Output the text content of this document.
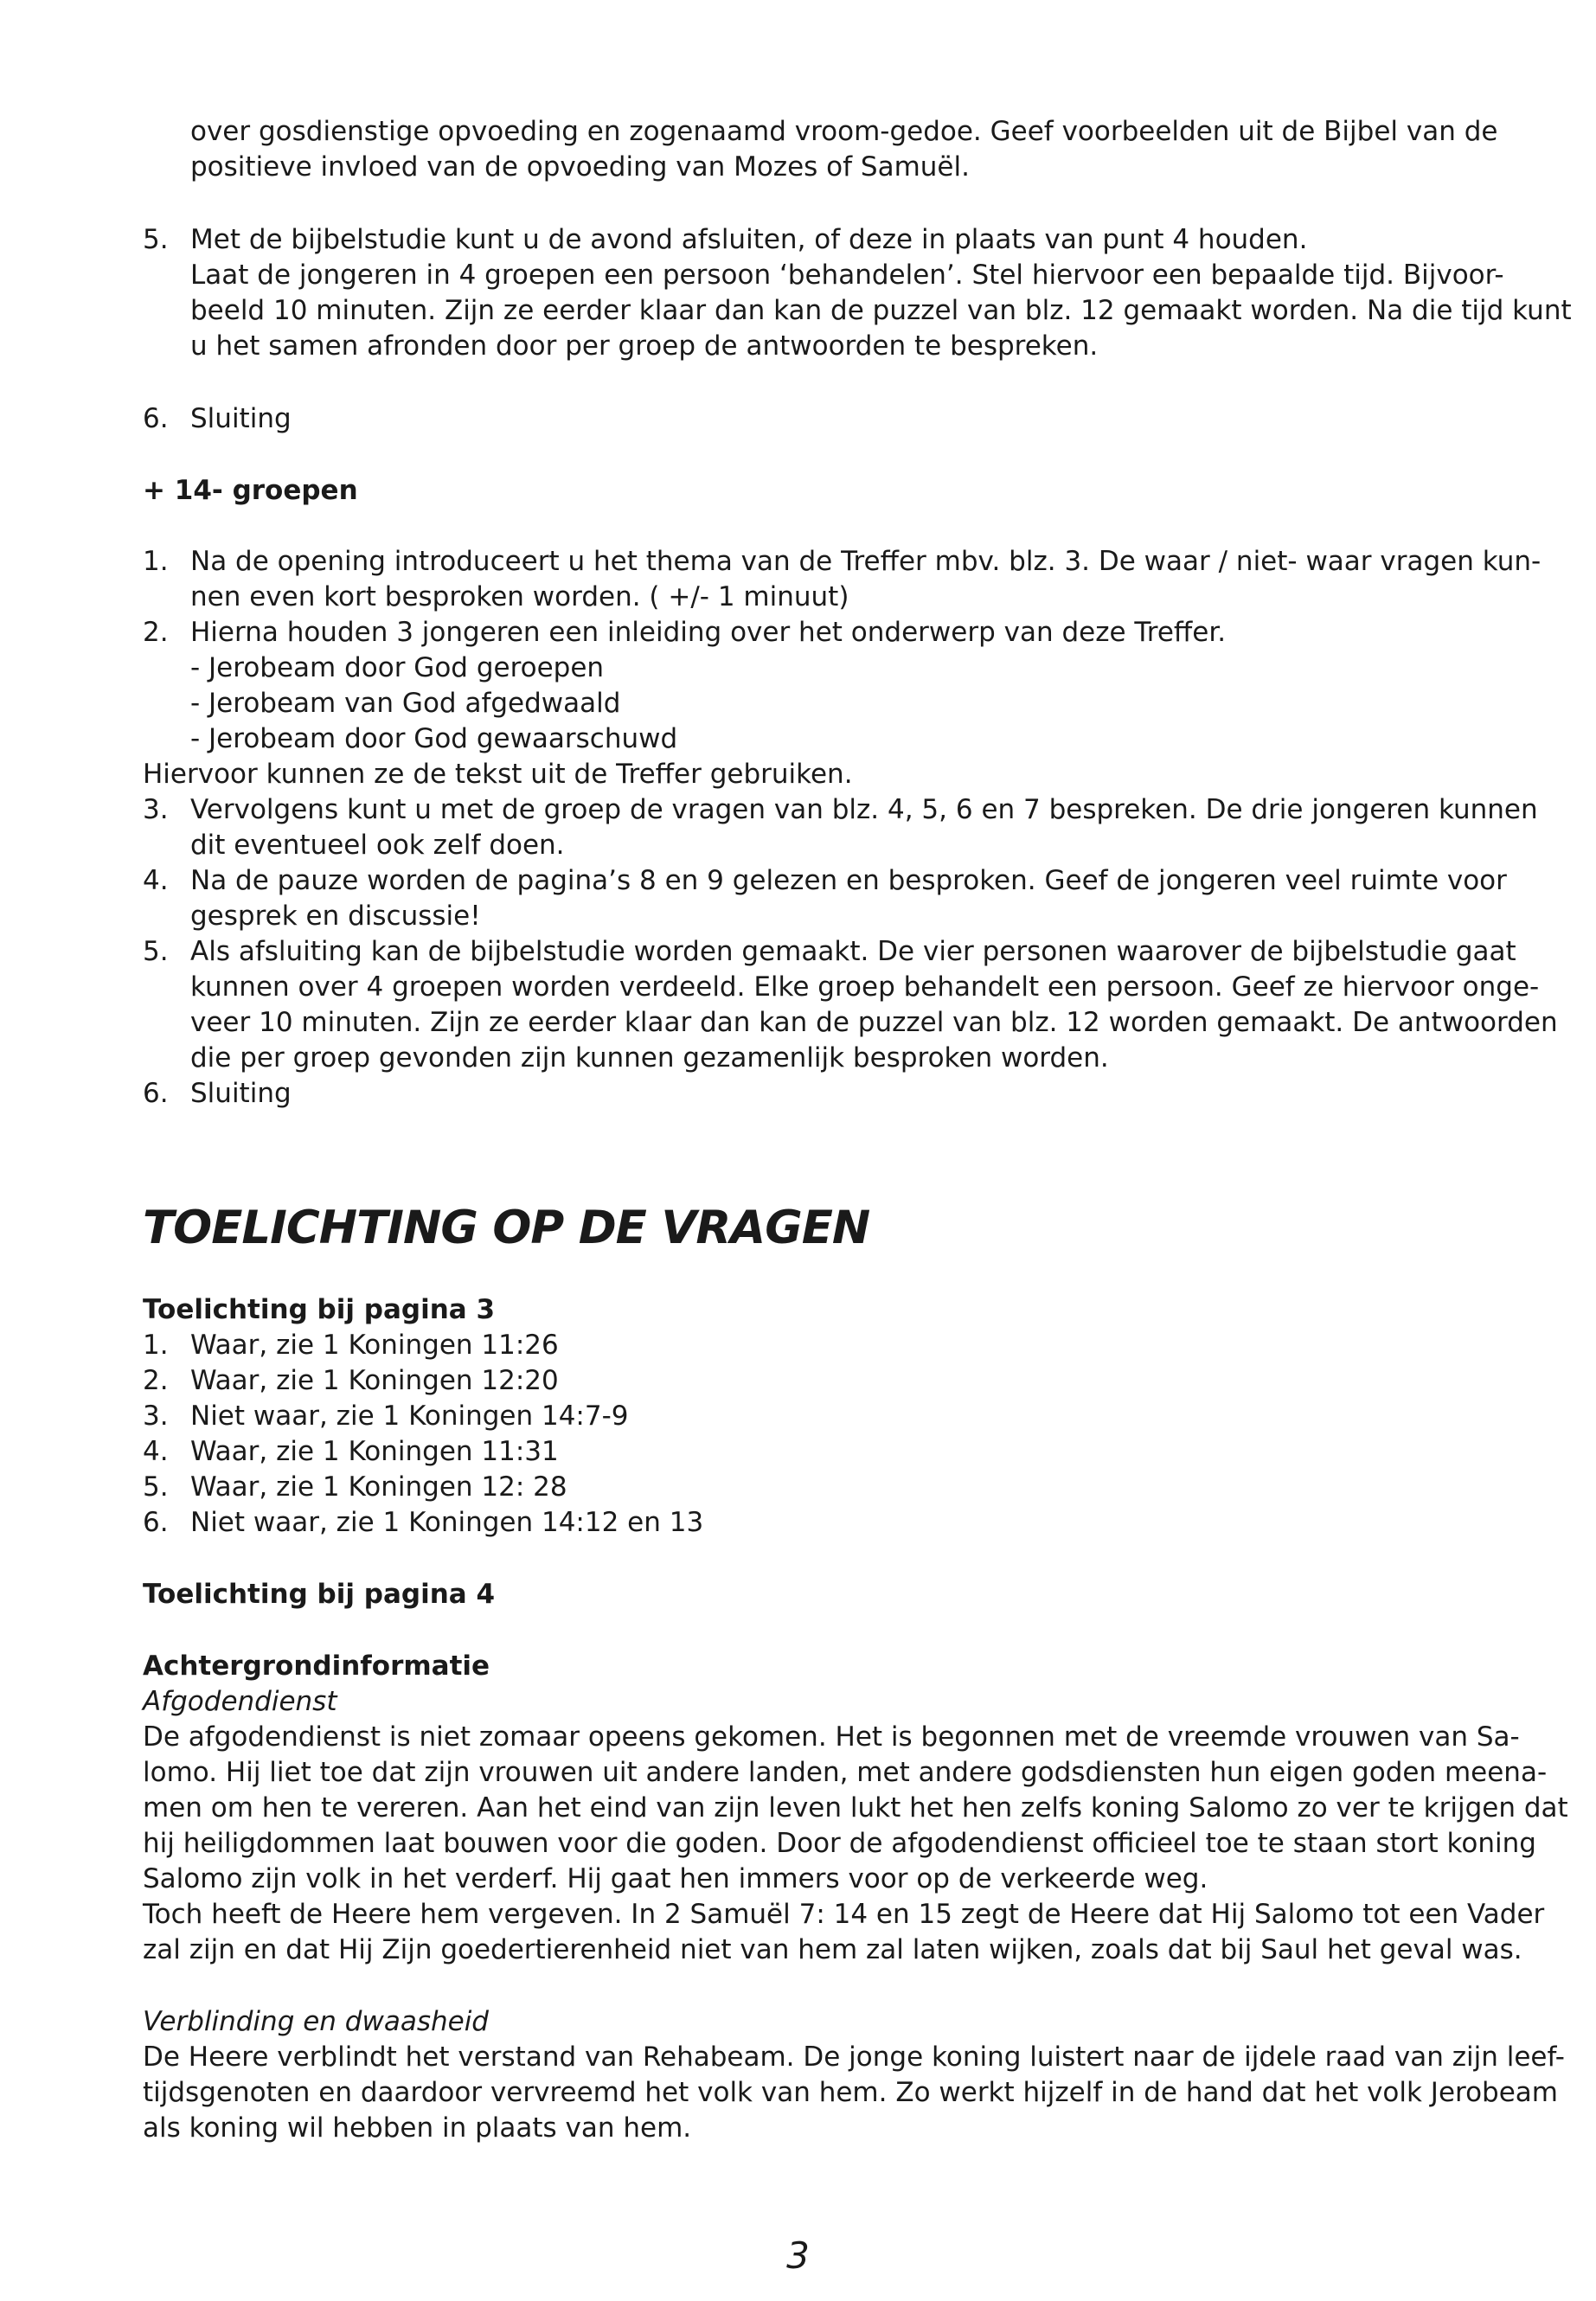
over gosdienstige opvoeding en zogenaamd vroom-gedoe. Geef voorbeelden uit de Bijbel van de
positieve invloed van de opvoeding van Mozes of Samuël.
5. Met de bijbelstudie kunt u de avond afsluiten, of deze in plaats van punt 4 houden.
Laat de jongeren in 4 groepen een persoon ‘behandelen’. Stel hiervoor een bepaalde tijd. Bijvoor-
beeld 10 minuten. Zijn ze eerder klaar dan kan de puzzel van blz. 12 gemaakt worden. Na die tijd kunt
u het samen afronden door per groep de antwoorden te bespreken.
6. Sluiting
+ 14- groepen
1. Na de opening introduceert u het thema van de Treffer mbv. blz. 3. De waar / niet- waar vragen kun-
nen even kort besproken worden. ( +/- 1 minuut)
2. Hierna houden 3 jongeren een inleiding over het onderwerp van deze Treffer.
- Jerobeam door God geroepen
- Jerobeam van God afgedwaald
- Jerobeam door God gewaarschuwd
Hiervoor kunnen ze de tekst uit de Treffer gebruiken.
3. Vervolgens kunt u met de groep de vragen van blz. 4, 5, 6 en 7 bespreken. De drie jongeren kunnen
dit eventueel ook zelf doen.
4. Na de pauze worden de pagina’s 8 en 9 gelezen en besproken. Geef de jongeren veel ruimte voor
gesprek en discussie!
5. Als afsluiting kan de bijbelstudie worden gemaakt. De vier personen waarover de bijbelstudie gaat
kunnen over 4 groepen worden verdeeld. Elke groep behandelt een persoon. Geef ze hiervoor onge-
veer 10 minuten. Zijn ze eerder klaar dan kan de puzzel van blz. 12 worden gemaakt. De antwoorden
die per groep gevonden zijn kunnen gezamenlijk besproken worden.
6. Sluiting
TOELICHTING OP DE VRAGEN
Toelichting bij pagina 3
1. Waar, zie 1 Koningen 11:26
2. Waar, zie 1 Koningen 12:20
3. Niet waar, zie 1 Koningen 14:7-9
4. Waar, zie 1 Koningen 11:31
5. Waar, zie 1 Koningen 12: 28
6. Niet waar, zie 1 Koningen 14:12 en 13
Toelichting bij pagina 4
Achtergrondinformatie
Afgodendienst
De afgodendienst is niet zomaar opeens gekomen. Het is begonnen met de vreemde vrouwen van Sa-
lomo. Hij liet toe dat zijn vrouwen uit andere landen, met andere godsdiensten hun eigen goden meena-
men om hen te vereren. Aan het eind van zijn leven lukt het hen zelfs koning Salomo zo ver te krijgen dat
hij heiligdommen laat bouwen voor die goden. Door de afgodendienst officieel toe te staan stort koning
Salomo zijn volk in het verderf. Hij gaat hen immers voor op de verkeerde weg.
Toch heeft de Heere hem vergeven. In 2 Samuël 7: 14 en 15 zegt de Heere dat Hij Salomo tot een Vader
zal zijn en dat Hij Zijn goedertierenheid niet van hem zal laten wijken, zoals dat bij Saul het geval was.
Verblinding en dwaasheid
De Heere verblindt het verstand van Rehabeam. De jonge koning luistert naar de ijdele raad van zijn leef-
tijdsgenoten en daardoor vervreemd het volk van hem. Zo werkt hijzelf in de hand dat het volk Jerobeam
als koning wil hebben in plaats van hem.
3
